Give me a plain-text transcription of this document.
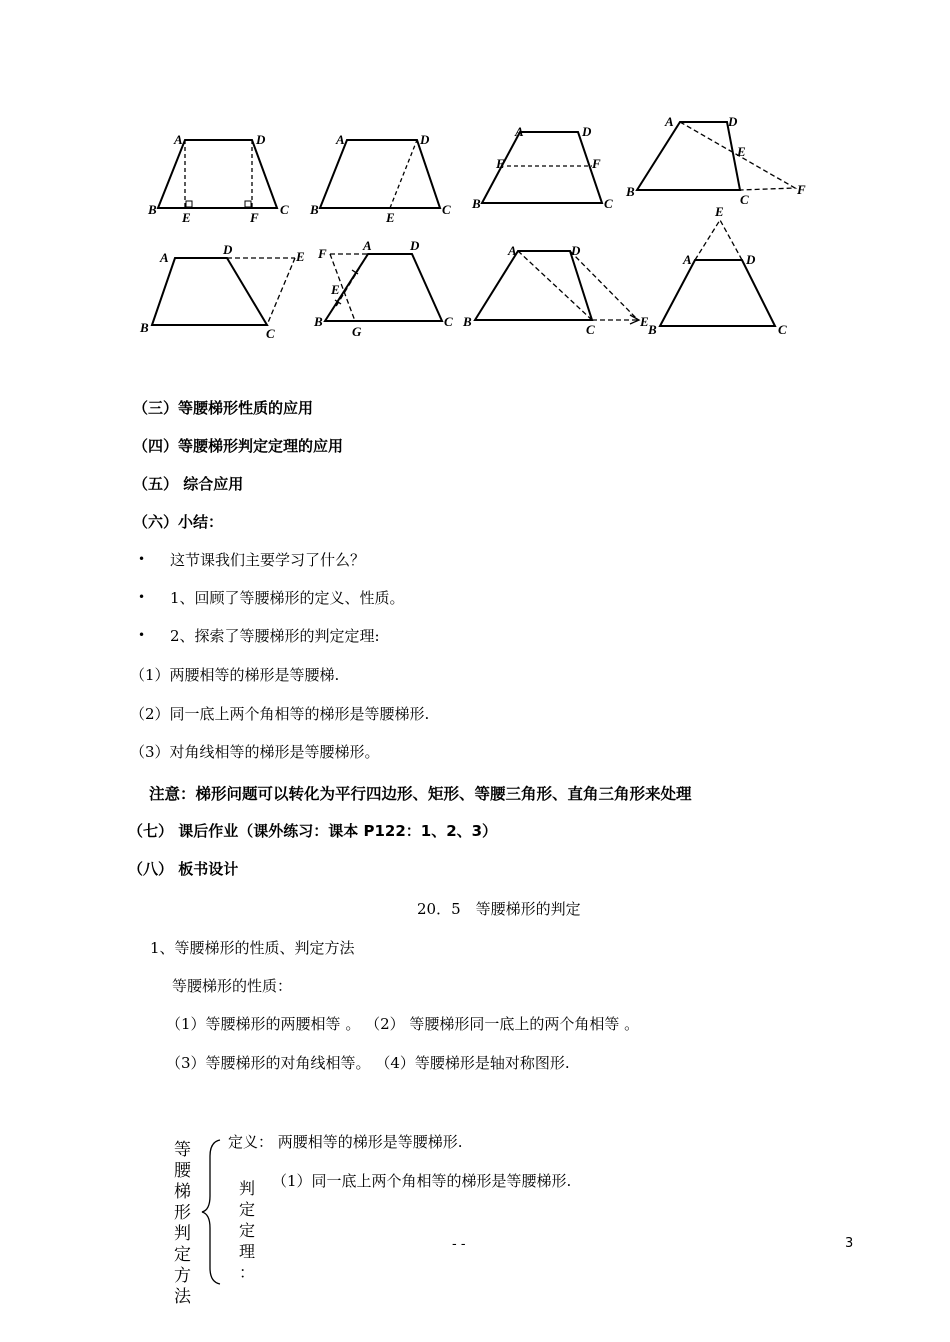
A	D
B
E	F
C
A	D
B
E
C
A	D
E	F
B	C
A	D
E
B
C
F
A
D	E
B	C
F
A	D
E
B
G
C
A	D
B
C
E
E
A	D
B	C
（三）等腰梯形性质的应用
（四）等腰梯形判定定理的应用
（五） 综合应用
（六）小结：
• 这节课我们主要学习了什么？
• 1、回顾了等腰梯形的定义、性质。
• 2、探索了等腰梯形的判定定理:
（1）两腰相等的梯形是等腰梯.
（2）同一底上两个角相等的梯形是等腰梯形.
（3）对角线相等的梯形是等腰梯形。
注意：梯形问题可以转化为平行四边形、矩形、等腰三角形、直角三角形来处理
（七） 课后作业（课外练习：课本 P122：1、2、3）
（八） 板书设计
20．5　等腰梯形的判定
1、等腰梯形的性质、判定方法
等腰梯形的性质：
（1）等腰梯形的两腰相等 。 （2） 等腰梯形同一底上的两个角相等 。
（3）等腰梯形的对角线相等。 （4）等腰梯形是轴对称图形.
等
腰
梯
形
判
定
方
法
定义： 两腰相等的梯形是等腰梯形.
判
定
定
理
：
（1）同一底上两个角相等的梯形是等腰梯形.
- -	3
